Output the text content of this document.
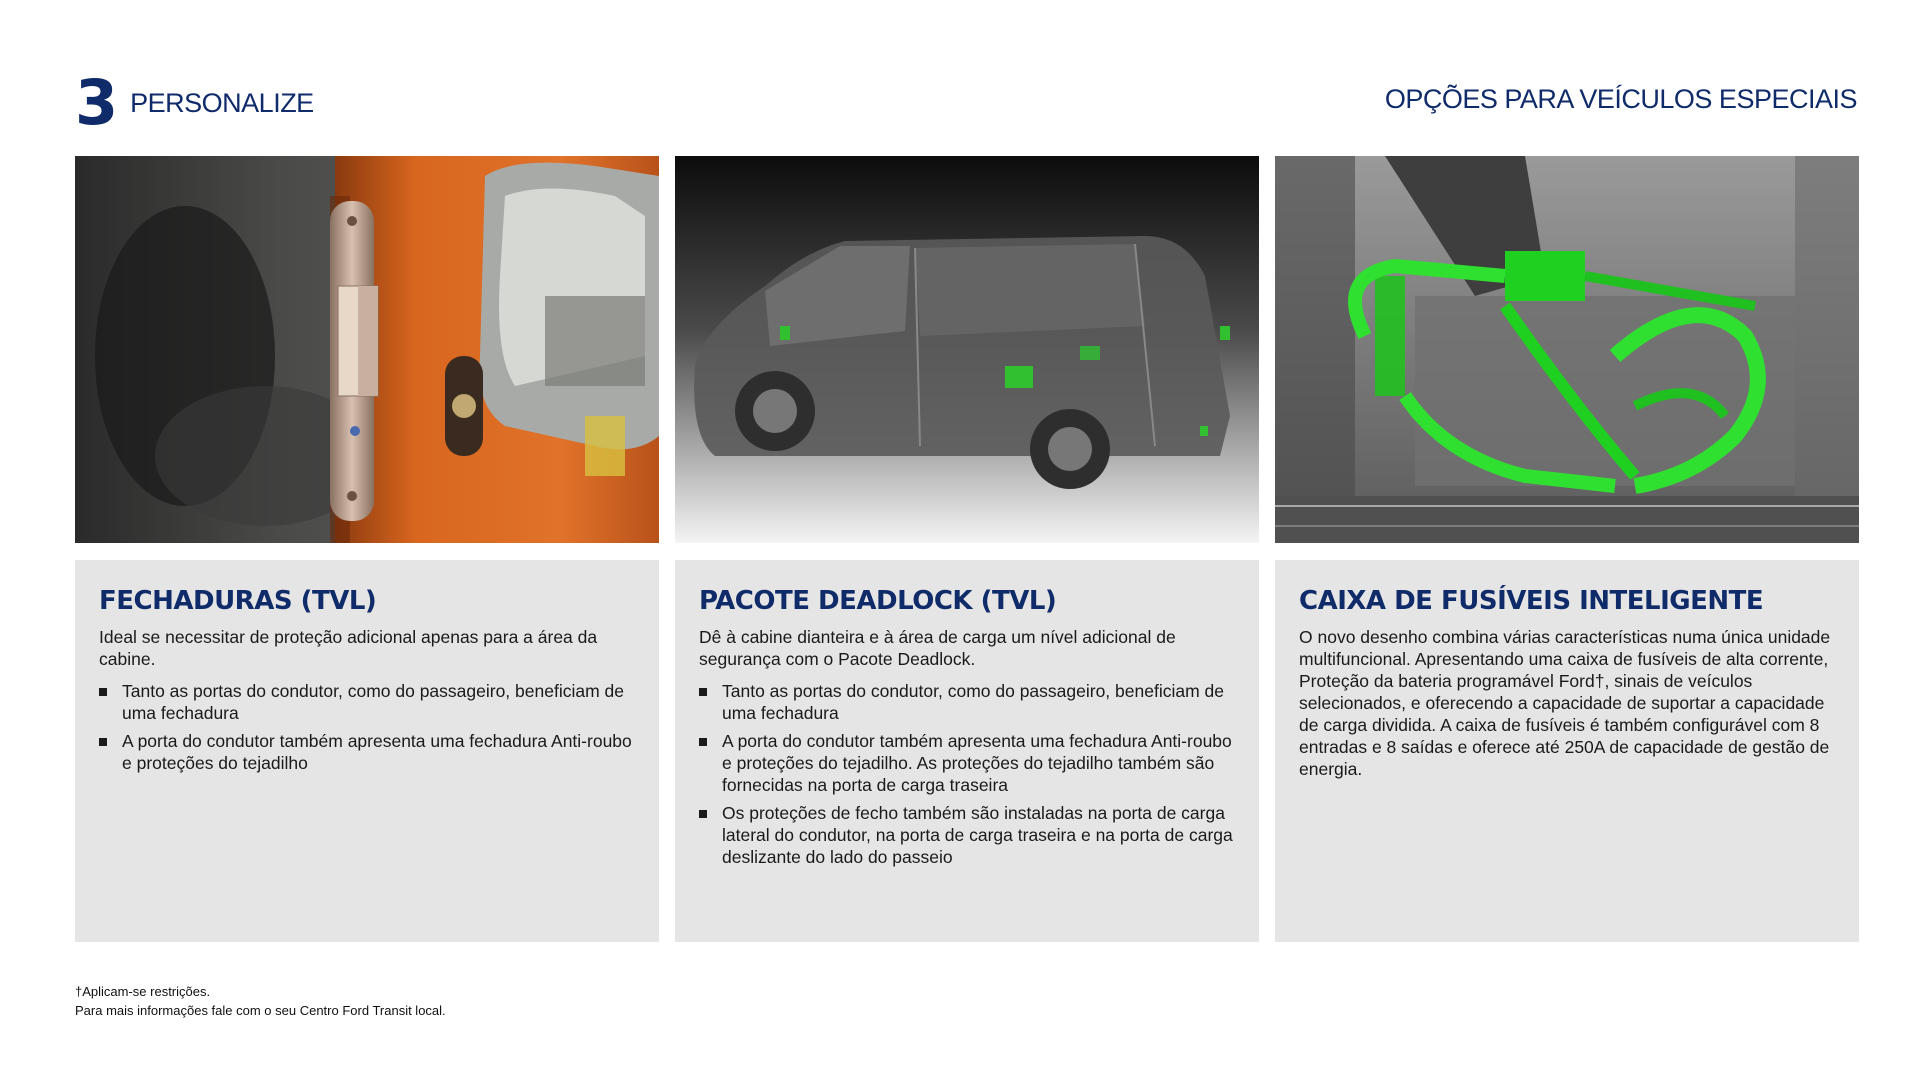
3 PERSONALIZE	OPÇÕES PARA VEÍCULOS ESPECIAIS
FECHADURAS (TVL)

Ideal se necessitar de proteção adicional apenas para a área da cabine.

Tanto as portas do condutor, como do passageiro, beneficiam de uma fechadura
A porta do condutor também apresenta uma fechadura Anti-roubo e proteções do tejadilho
PACOTE DEADLOCK (TVL)

Dê à cabine dianteira e à área de carga um nível adicional de segurança com o Pacote Deadlock.

Tanto as portas do condutor, como do passageiro, beneficiam de uma fechadura
A porta do condutor também apresenta uma fechadura Anti-roubo e proteções do tejadilho. As proteções do tejadilho também são fornecidas na porta de carga traseira
Os proteções de fecho também são instaladas na porta de carga lateral do condutor, na porta de carga traseira e na porta de carga deslizante do lado do passeio
CAIXA DE FUSÍVEIS INTELIGENTE

O novo desenho combina várias características numa única unidade multifuncional. Apresentando uma caixa de fusíveis de alta corrente, Proteção da bateria programável Ford†, sinais de veículos selecionados, e oferecendo a capacidade de suportar a capacidade de carga dividida. A caixa de fusíveis é também configurável com 8 entradas e 8 saídas e oferece até 250A de capacidade de gestão de energia.

†Aplicam-se restrições.
Para mais informações fale com o seu Centro Ford Transit local.
